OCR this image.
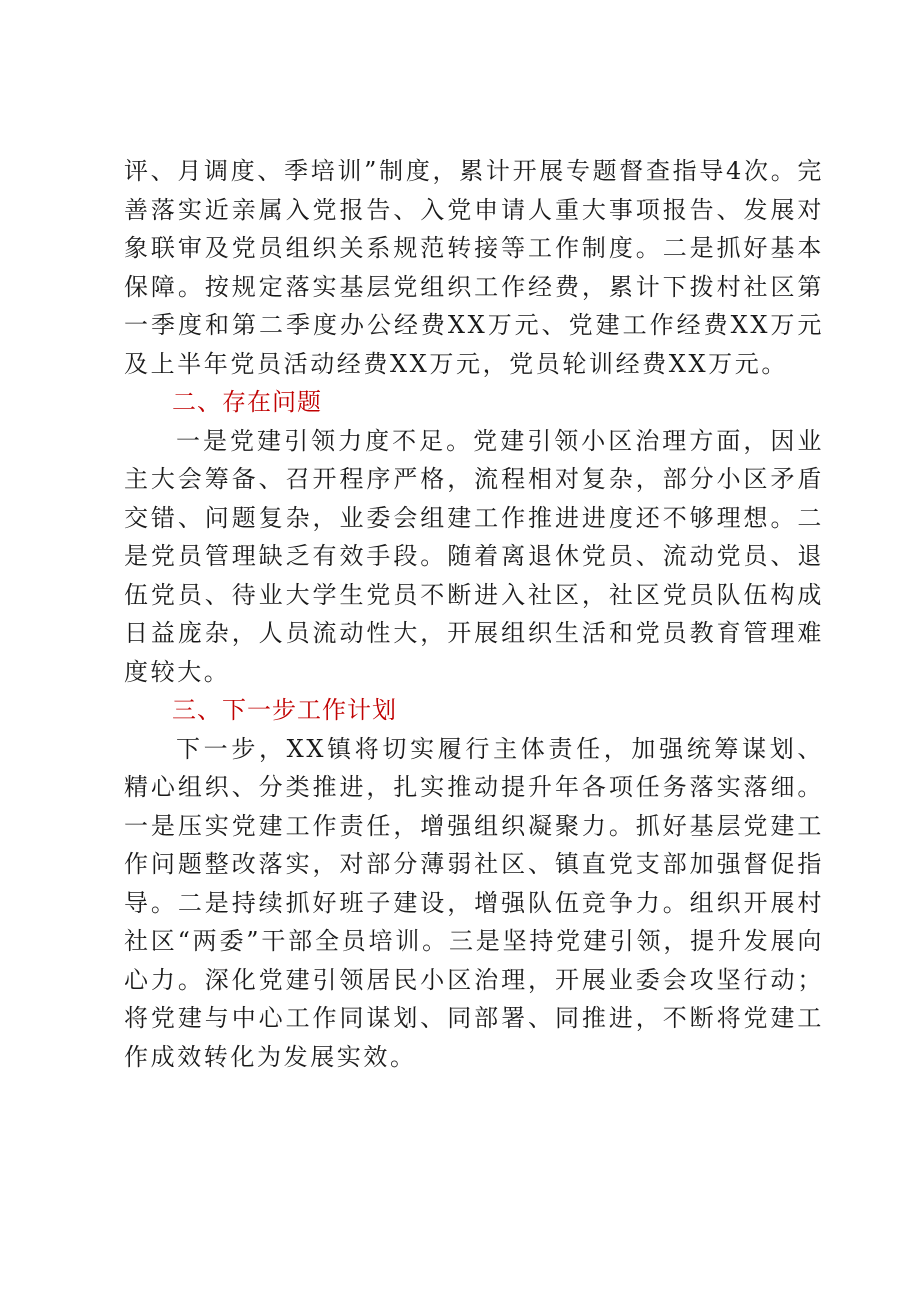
评、月调度、季培训”制度，累计开展专题督查指导4次。完善落实近亲属入党报告、入党申请人重大事项报告、发展对象联审及党员组织关系规范转接等工作制度。二是抓好基本保障。按规定落实基层党组织工作经费，累计下拨村社区第一季度和第二季度办公经费XX万元、党建工作经费XX万元及上半年党员活动经费XX万元，党员轮训经费XX万元。

二、存在问题

一是党建引领力度不足。党建引领小区治理方面，因业主大会筹备、召开程序严格，流程相对复杂，部分小区矛盾交错、问题复杂，业委会组建工作推进进度还不够理想。二是党员管理缺乏有效手段。随着离退休党员、流动党员、退伍党员、待业大学生党员不断进入社区，社区党员队伍构成日益庞杂，人员流动性大，开展组织生活和党员教育管理难度较大。

三、下一步工作计划

下一步，XX镇将切实履行主体责任，加强统筹谋划、精心组织、分类推进，扎实推动提升年各项任务落实落细。一是压实党建工作责任，增强组织凝聚力。抓好基层党建工作问题整改落实，对部分薄弱社区、镇直党支部加强督促指导。二是持续抓好班子建设，增强队伍竞争力。组织开展村社区“两委”干部全员培训。三是坚持党建引领，提升发展向心力。深化党建引领居民小区治理，开展业委会攻坚行动；将党建与中心工作同谋划、同部署、同推进，不断将党建工作成效转化为发展实效。
